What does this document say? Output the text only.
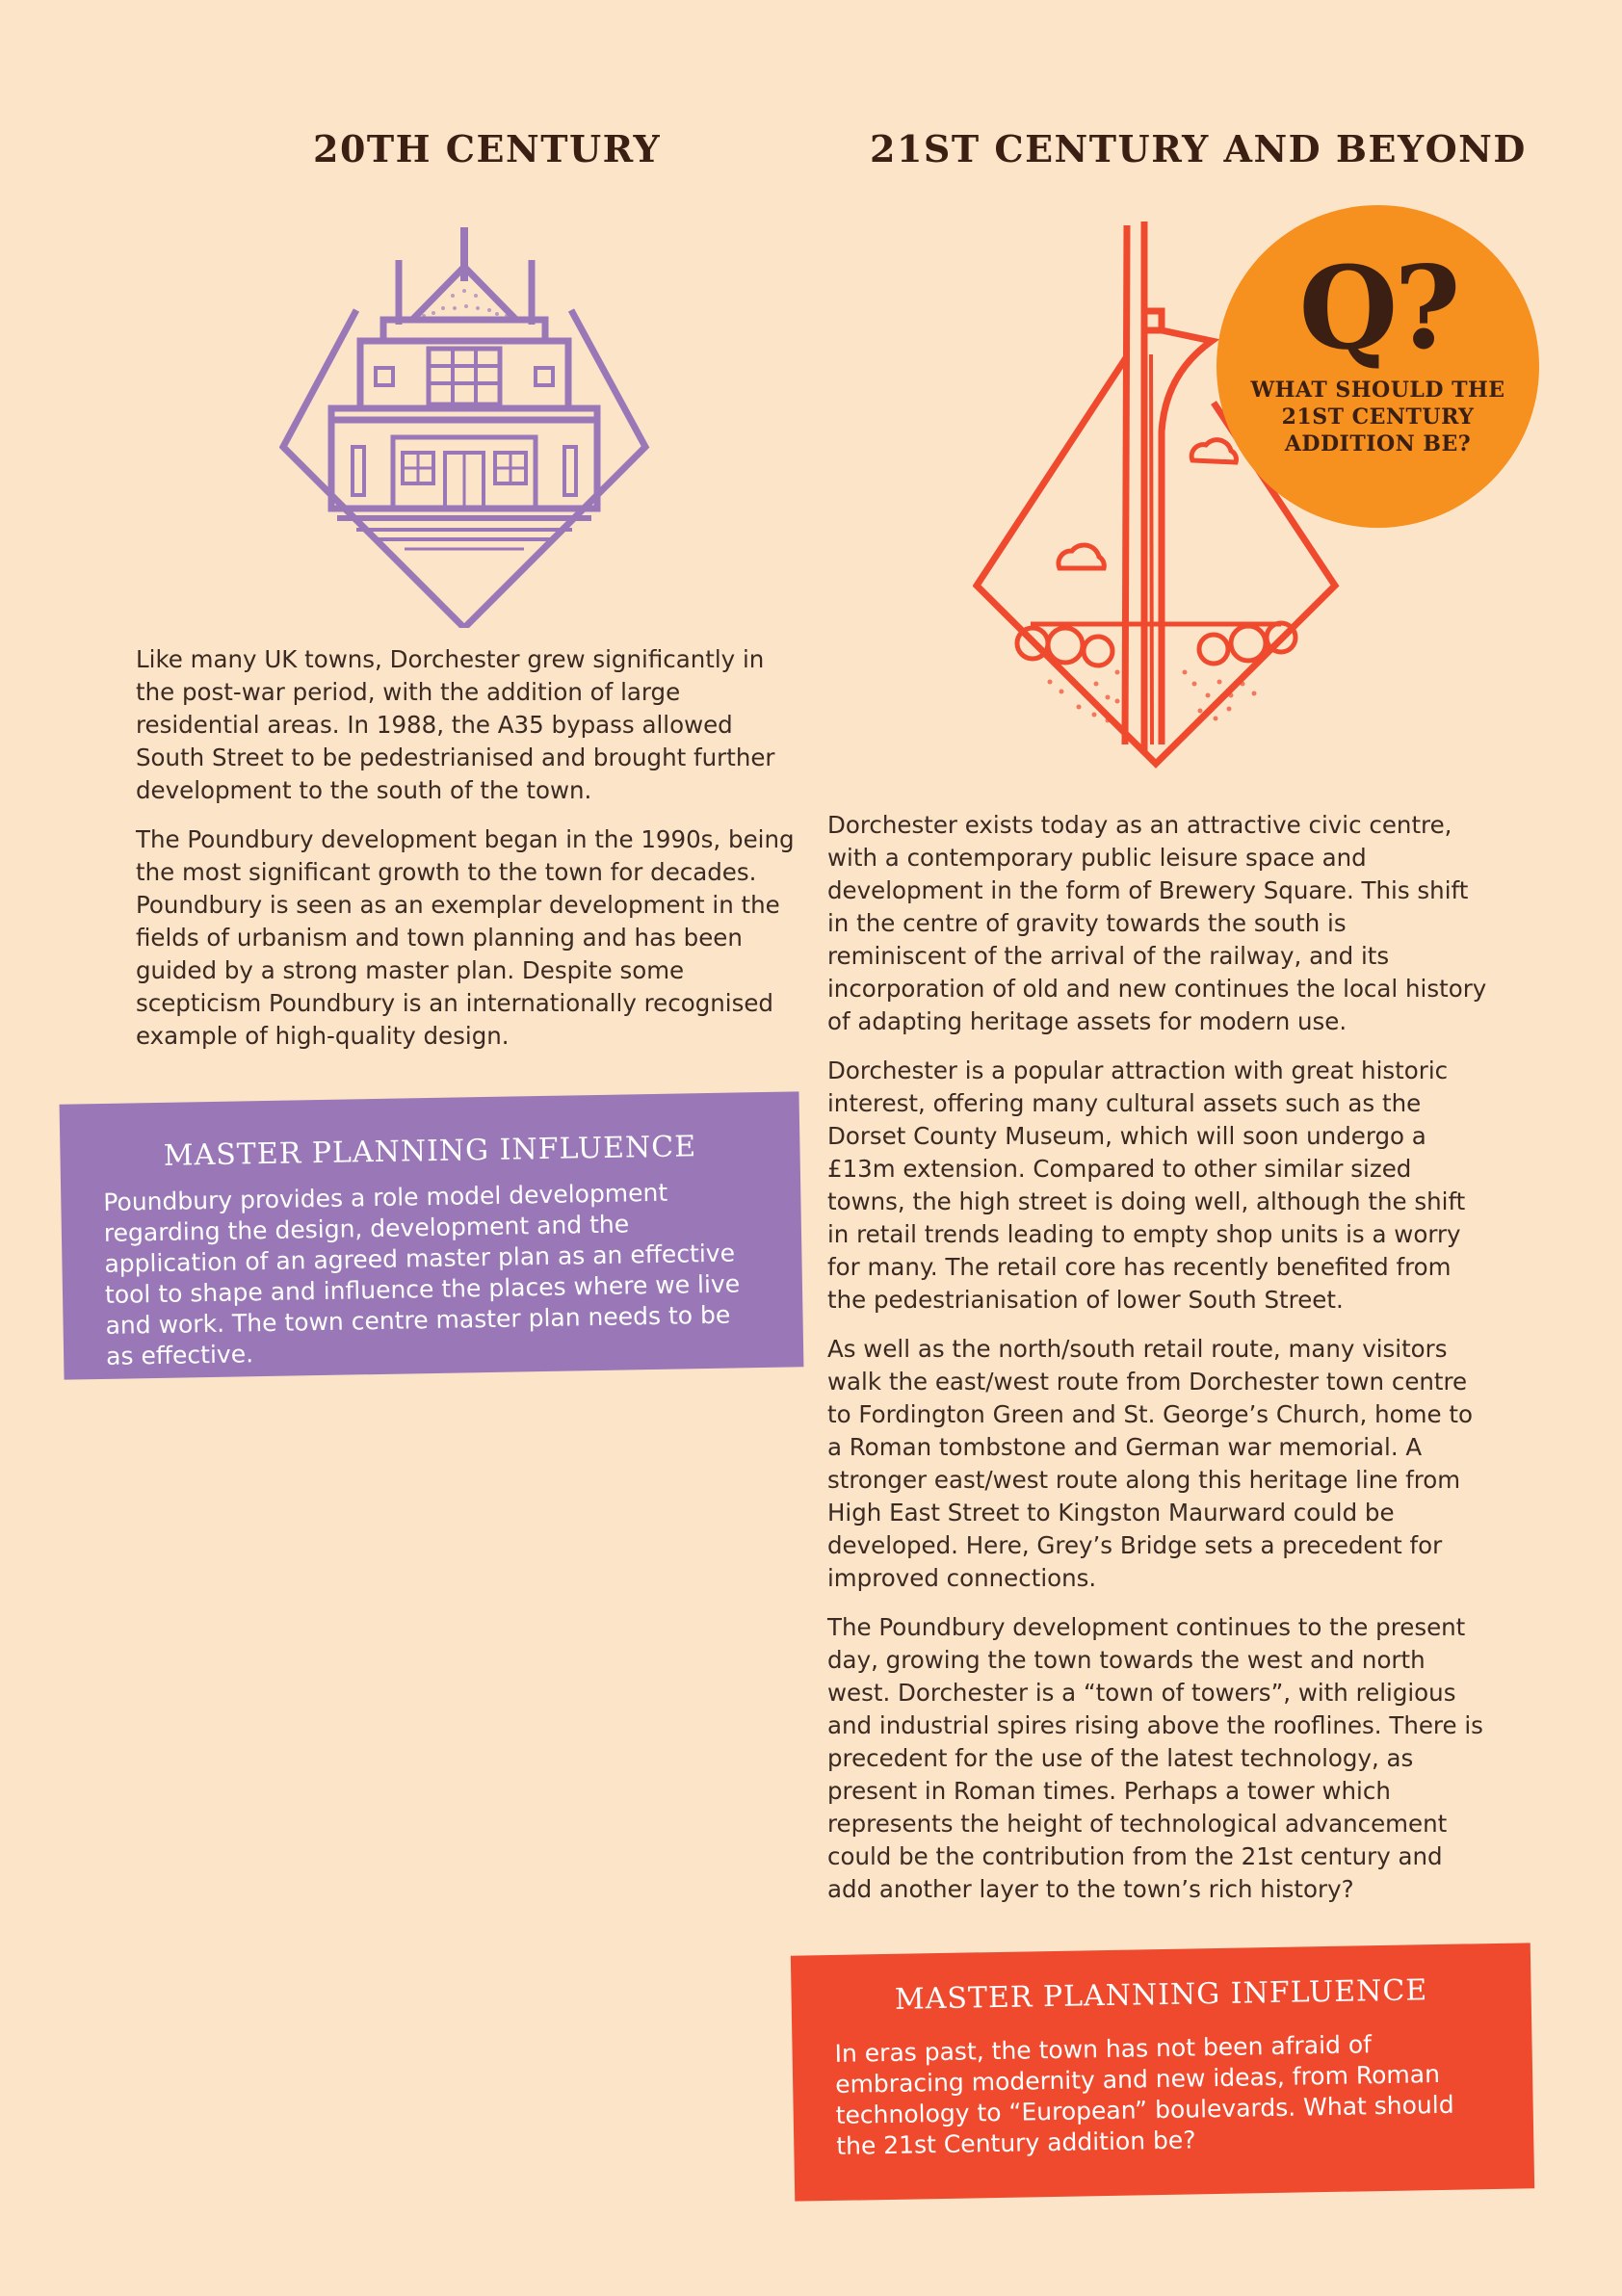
20TH CENTURY

Like many UK towns, Dorchester grew significantly in the post-war period, with the addition of large residential areas. In 1988, the A35 bypass allowed South Street to be pedestrianised and brought further development to the south of the town.

The Poundbury development began in the 1990s, being the most significant growth to the town for decades. Poundbury is seen as an exemplar development in the fields of urbanism and town planning and has been guided by a strong master plan. Despite some scepticism Poundbury is an internationally recognised example of high-quality design.

MASTER PLANNING INFLUENCE

Poundbury provides a role model development regarding the design, development and the application of an agreed master plan as an effective tool to shape and influence the places where we live and work. The town centre master plan needs to be as effective.

21ST CENTURY AND BEYOND
Q?
WHAT SHOULD THE
21ST CENTURY
ADDITION BE?

Dorchester exists today as an attractive civic centre, with a contemporary public leisure space and development in the form of Brewery Square. This shift in the centre of gravity towards the south is reminiscent of the arrival of the railway, and its incorporation of old and new continues the local history of adapting heritage assets for modern use.

Dorchester is a popular attraction with great historic interest, offering many cultural assets such as the Dorset County Museum, which will soon undergo a £13m extension. Compared to other similar sized towns, the high street is doing well, although the shift in retail trends leading to empty shop units is a worry for many. The retail core has recently benefited from the pedestrianisation of lower South Street.

As well as the north/south retail route, many visitors walk the east/west route from Dorchester town centre to Fordington Green and St. George’s Church, home to a Roman tombstone and German war memorial. A stronger east/west route along this heritage line from High East Street to Kingston Maurward could be developed. Here, Grey’s Bridge sets a precedent for improved connections.

The Poundbury development continues to the present day, growing the town towards the west and north west. Dorchester is a “town of towers”, with religious and industrial spires rising above the rooflines. There is precedent for the use of the latest technology, as present in Roman times. Perhaps a tower which represents the height of technological advancement could be the contribution from the 21st century and add another layer to the town’s rich history?

MASTER PLANNING INFLUENCE

In eras past, the town has not been afraid of embracing modernity and new ideas, from Roman technology to “European” boulevards. What should the 21st Century addition be?
